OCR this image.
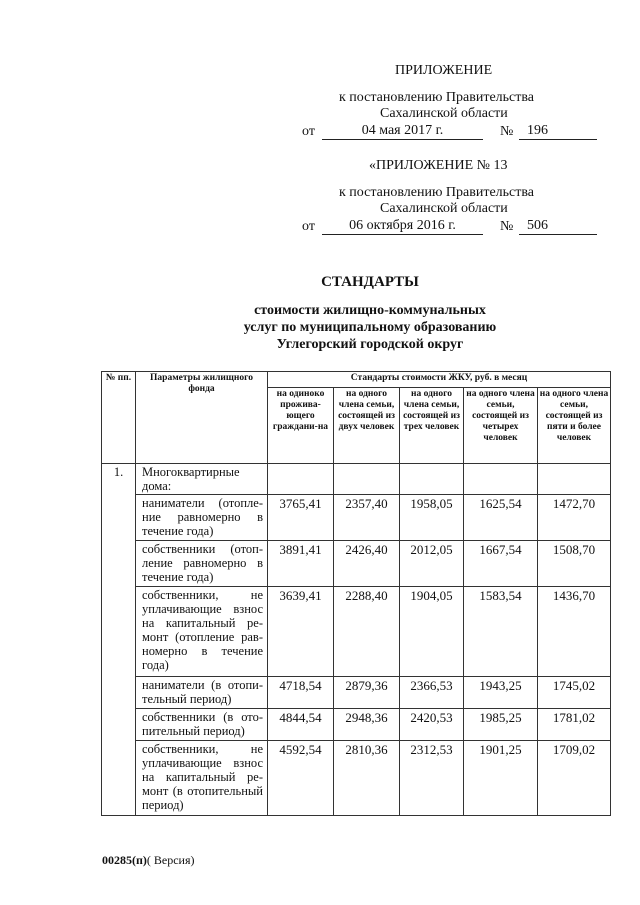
ПРИЛОЖЕНИЕ
к постановлению Правительства
Сахалинской области
от	04 мая 2017 г.	№ 196
«ПРИЛОЖЕНИЕ № 13
к постановлению Правительства
Сахалинской области
от	06 октября 2016 г.	№ 506
СТАНДАРТЫ
стоимости жилищно-коммунальных
услуг по муниципальному образованию
Углегорский городской округ
№ пп.	Параметры жилищного фонда	Стандарты стоимости ЖКУ, руб. в месяц				
		на одиноко прожива-ющего граждани-на	на одного члена семьи, состоящей из двух человек	на одного члена семьи, состоящей из трех человек	на одного члена семьи, состоящей из четырех человек	на одного члена семьи, состоящей из пяти и более человек
1.	Многоквартирные дома:					
	наниматели (отопле-ние равномерно в течение года)	3765,41	2357,40	1958,05	1625,54	1472,70
	собственники (отоп-ление равномерно в течение года)	3891,41	2426,40	2012,05	1667,54	1508,70
	собственники, не уплачивающие взнос на капитальный ре-монт (отопление рав-номерно в течение года)	3639,41	2288,40	1904,05	1583,54	1436,70
	наниматели (в отопи-тельный период)	4718,54	2879,36	2366,53	1943,25	1745,02
	собственники (в ото-пительный период)	4844,54	2948,36	2420,53	1985,25	1781,02
	собственники, не уплачивающие взнос на капитальный ре-монт (в отопительный период)	4592,54	2810,36	2312,53	1901,25	1709,02
00285(п)( Версия)
